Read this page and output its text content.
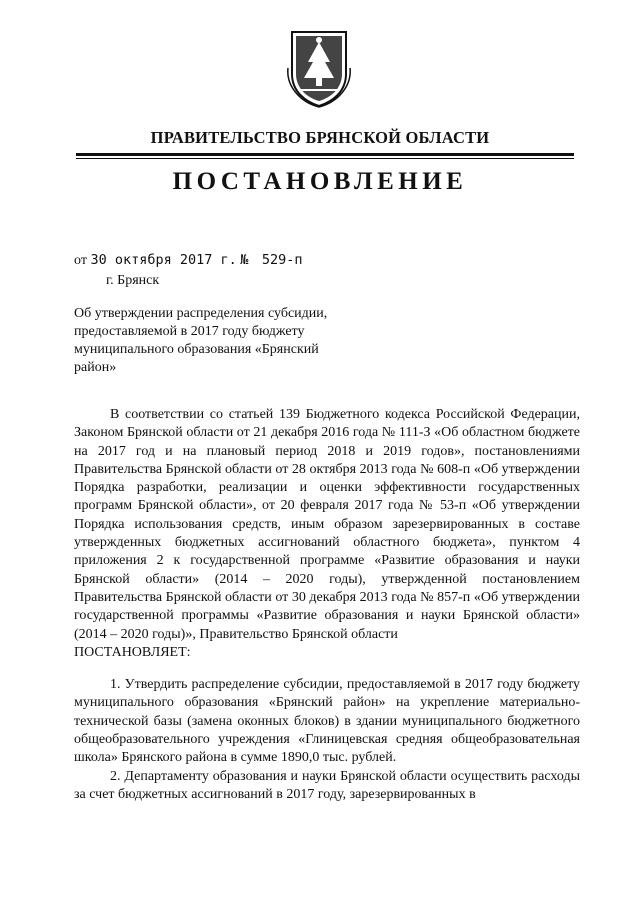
ПРАВИТЕЛЬСТВО БРЯНСКОЙ ОБЛАСТИ
ПОСТАНОВЛЕНИЕ
от 30 октября 2017 г. № 529-п
г. Брянск
Об утверждении распределения субсидии, предоставляемой в 2017 году бюджету муниципального образования «Брянский район»

В соответствии со статьей 139 Бюджетного кодекса Российской Федерации, Законом Брянской области от 21 декабря 2016 года № 111-З «Об областном бюджете на 2017 год и на плановый период 2018 и 2019 годов», постановлениями Правительства Брянской области от 28 октября 2013 года № 608-п «Об утверждении Порядка разработки, реализации и оценки эффективности государственных программ Брянской области», от 20 февраля 2017 года № 53-п «Об утверждении Порядка использования средств, иным образом зарезервированных в составе утвержденных бюджетных ассигнований областного бюджета», пунктом 4 приложения 2 к государственной программе «Развитие образования и науки Брянской области» (2014 – 2020 годы), утвержденной постановлением Правительства Брянской области от 30 декабря 2013 года № 857-п «Об утверждении государственной программы «Развитие образования и науки Брянской области» (2014 – 2020 годы)», Правительство Брянской области

ПОСТАНОВЛЯЕТ:

1. Утвердить распределение субсидии, предоставляемой в 2017 году бюджету муниципального образования «Брянский район» на укрепление материально-технической базы (замена оконных блоков) в здании муниципального бюджетного общеобразовательного учреждения «Глиницевская средняя общеобразовательная школа» Брянского района в сумме 1890,0 тыс. рублей.

2. Департаменту образования и науки Брянской области осуществить расходы за счет бюджетных ассигнований в 2017 году, зарезервированных в
